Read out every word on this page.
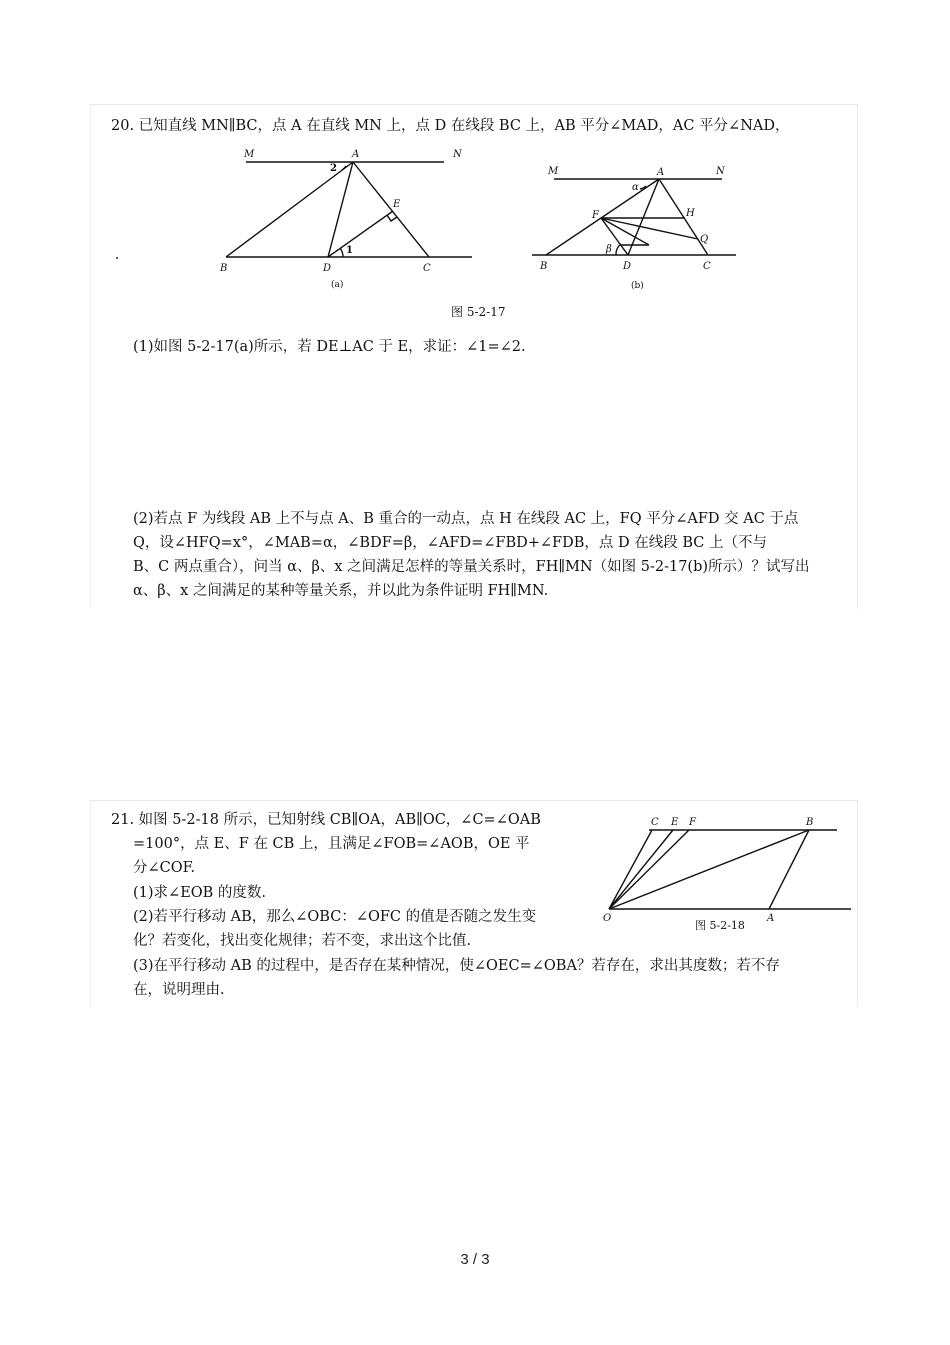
20. 已知直线 MN∥BC，点 A 在直线 MN 上，点 D 在线段 BC 上，AB 平分∠MAD，AC 平分∠NAD，
M	N
A
B	D	C
E
1
2
(a)
M	N
A
B	D	C
F	H
Q
α
β
(b)
图 5-2-17
(1)如图 5-2-17(a)所示，若 DE⊥AC 于 E，求证：∠1=∠2.
(2)若点 F 为线段 AB 上不与点 A、B 重合的一动点，点 H 在线段 AC 上，FQ 平分∠AFD 交 AC 于点
Q，设∠HFQ=x°，∠MAB=α，∠BDF=β，∠AFD=∠FBD+∠FDB，点 D 在线段 BC 上（不与
B、C 两点重合），问当 α、β、x 之间满足怎样的等量关系时，FH∥MN（如图 5-2-17(b)所示）？试写出
α、β、x 之间满足的某种等量关系，并以此为条件证明 FH∥MN.
21. 如图 5-2-18 所示，已知射线 CB∥OA，AB∥OC，∠C=∠OAB
=100°，点 E、F 在 CB 上，且满足∠FOB=∠AOB，OE 平
分∠COF.
(1)求∠EOB 的度数.
(2)若平行移动 AB，那么∠OBC：∠OFC 的值是否随之发生变
化？若变化，找出变化规律；若不变，求出这个比值.
(3)在平行移动 AB 的过程中，是否存在某种情况，使∠OEC=∠OBA？若存在，求出其度数；若不存
在，说明理由.
C E F	B
O	A
图 5-2-18
3 / 3
